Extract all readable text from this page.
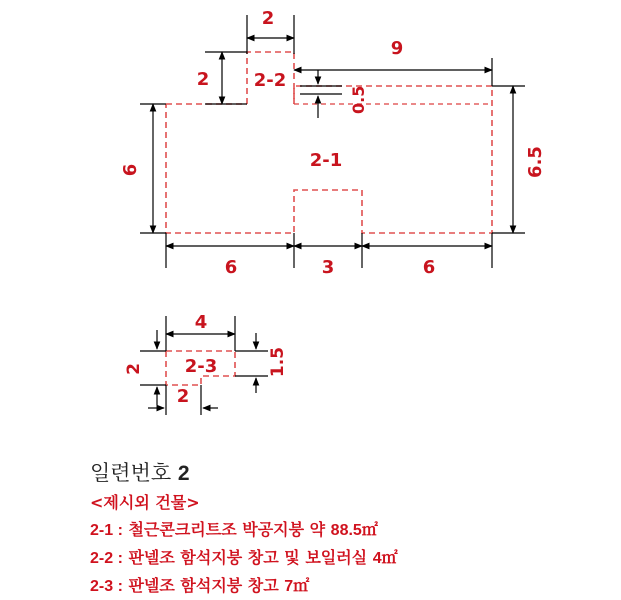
2
2 2-2
9
0.5
2-1
6	6.5
6	3	6
4
2-3
2	1.5
2
일련번호 2
<제시외 건물>
2-1 : 철근콘크리트조 박공지붕 약 88.5㎡
2-2 : 판넬조 함석지붕 창고 및 보일러실 4㎡
2-3 : 판넬조 함석지붕 창고 7㎡
